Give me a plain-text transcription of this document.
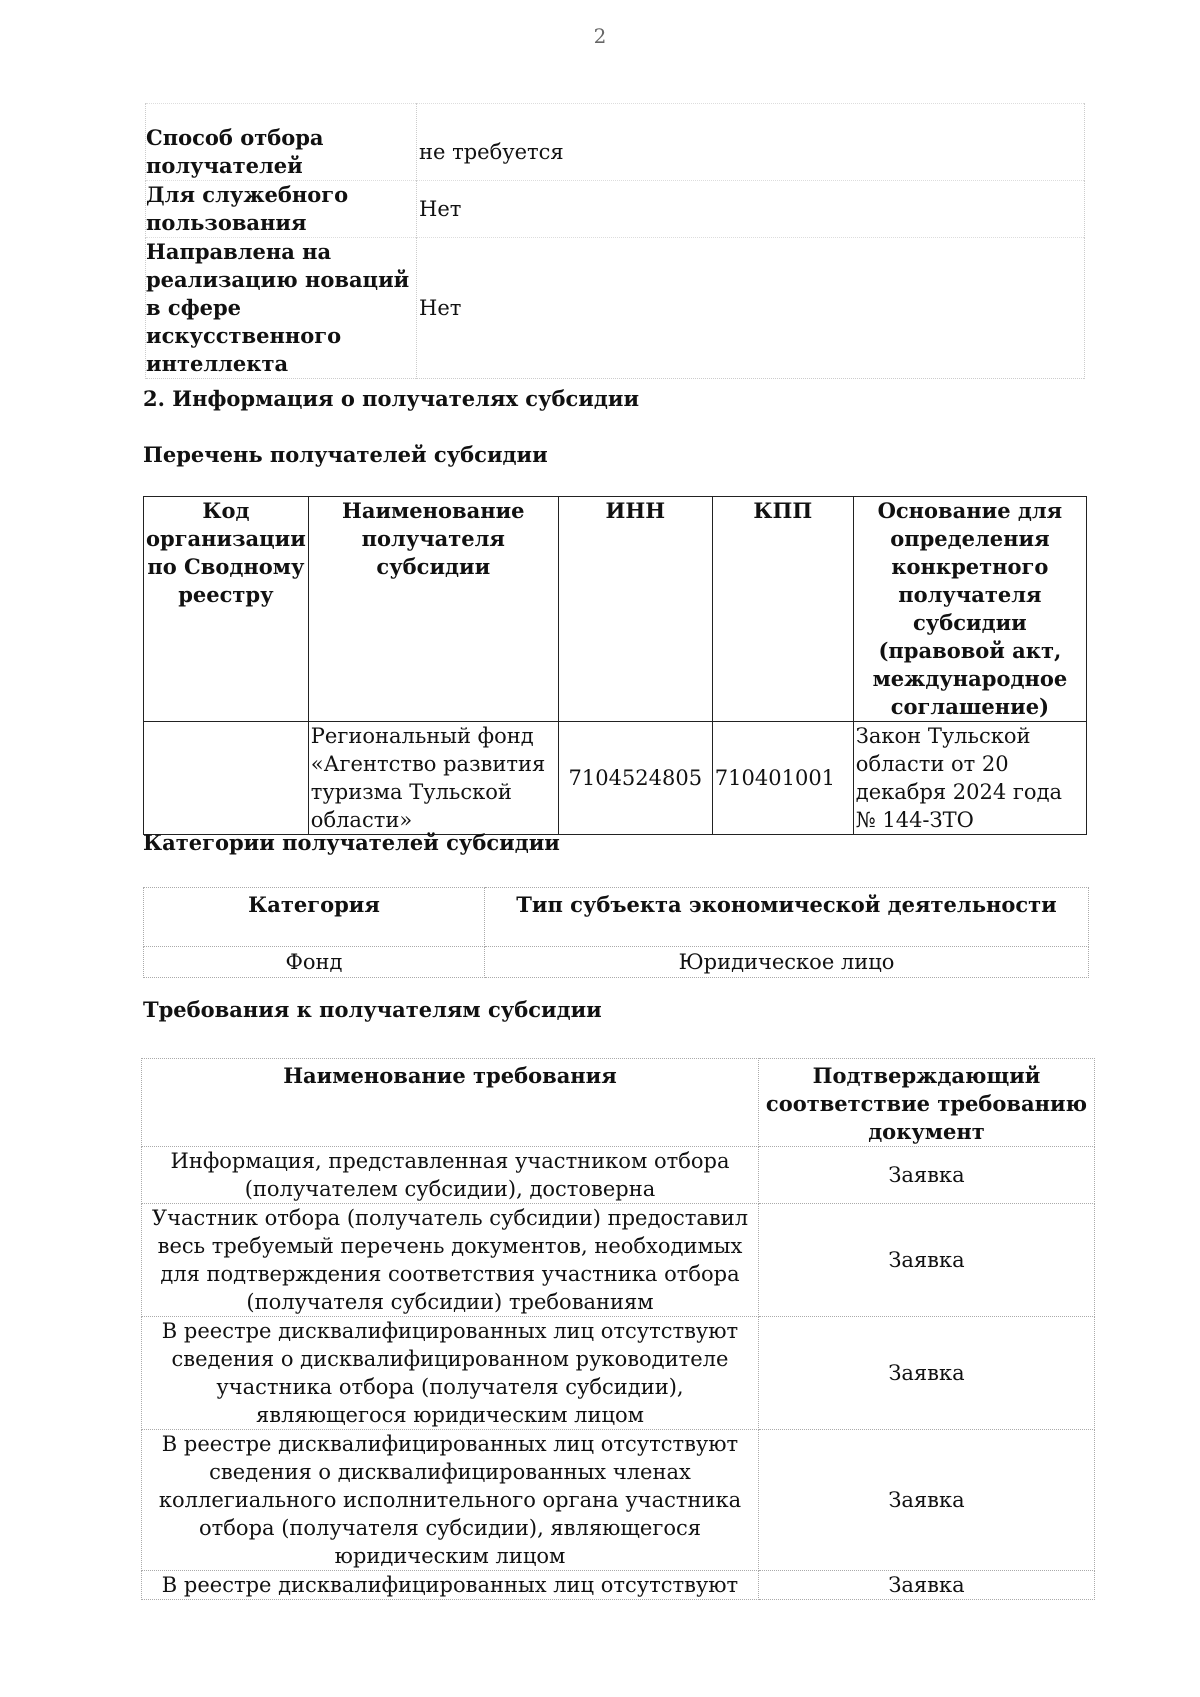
2
Способ отбора получателей	не требуется
Для служебного пользования	Нет
Направлена на реализацию новаций в сфере искусственного интеллекта	Нет
2. Информация о получателях субсидии
Перечень получателей субсидии
Код организации по Сводному реестру	Наименование получателя субсидии	ИНН	КПП	Основание для определения конкретного получателя субсидии (правовой акт, международное соглашение)
	Региональный фонд «Агентство развития туризма Тульской области»	7104524805	710401001	Закон Тульской области от 20 декабря 2024 года № 144-ЗТО
Категории получателей субсидии
Категория	Тип субъекта экономической деятельности
Фонд	Юридическое лицо
Требования к получателям субсидии
Наименование требования	Подтверждающий соответствие требованию документ
Информация, представленная участником отбора (получателем субсидии), достоверна	Заявка
Участник отбора (получатель субсидии) предоставил весь требуемый перечень документов, необходимых для подтверждения соответствия участника отбора (получателя субсидии) требованиям	Заявка
В реестре дисквалифицированных лиц отсутствуют сведения о дисквалифицированном руководителе участника отбора (получателя субсидии), являющегося юридическим лицом	Заявка
В реестре дисквалифицированных лиц отсутствуют сведения о дисквалифицированных членах коллегиального исполнительного органа участника отбора (получателя субсидии), являющегося юридическим лицом	Заявка
В реестре дисквалифицированных лиц отсутствуют	Заявка
